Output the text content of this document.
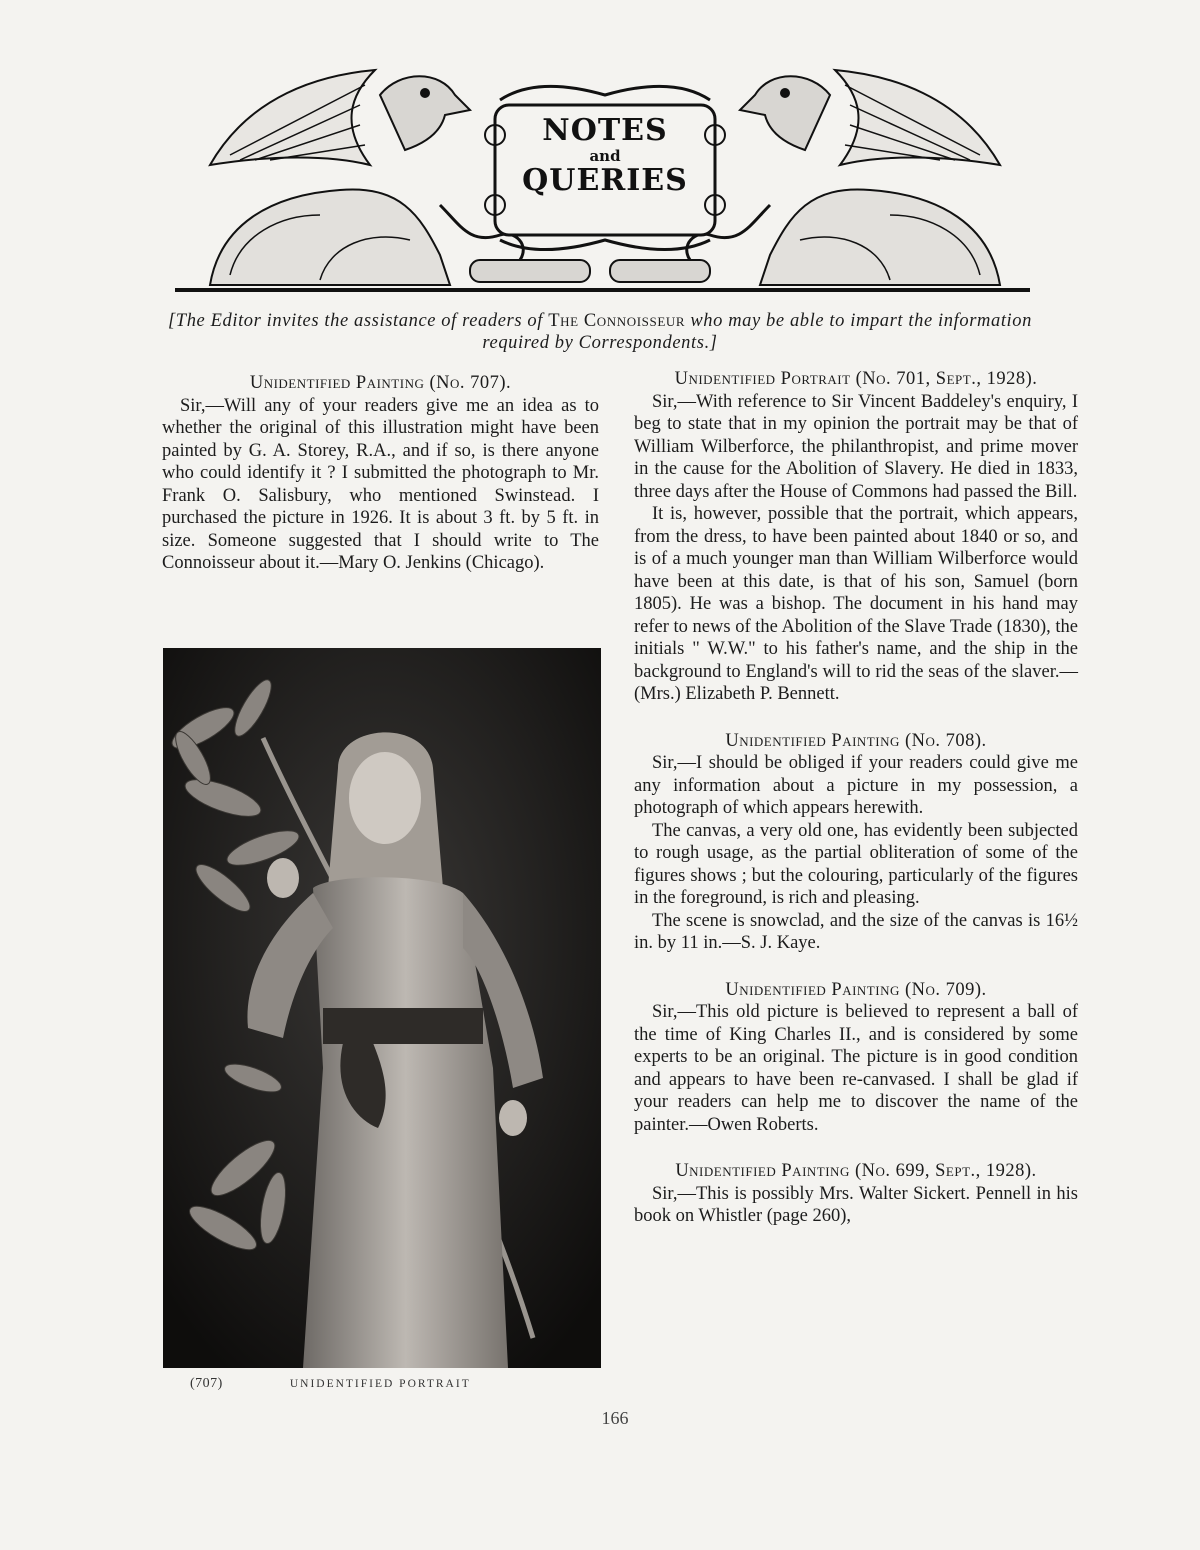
NOTES
and
QUERIES
[The Editor invites the assistance of readers of The Connoisseur who may be able to impart the information required by Correspondents.]
Unidentified Painting (No. 707).

Sir,—Will any of your readers give me an idea as to whether the original of this illustration might have been painted by G. A. Storey, R.A., and if so, is there anyone who could identify it ? I submitted the photograph to Mr. Frank O. Salisbury, who mentioned Swinstead. I purchased the picture in 1926. It is about 3 ft. by 5 ft. in size. Someone suggested that I should write to The Connoisseur about it.—Mary O. Jenkins (Chicago).

(707)	UNIDENTIFIED PORTRAIT
Unidentified Portrait (No. 701, Sept., 1928).

Sir,—With reference to Sir Vincent Baddeley's enquiry, I beg to state that in my opinion the portrait may be that of William Wilberforce, the philanthropist, and prime mover in the cause for the Abolition of Slavery. He died in 1833, three days after the House of Commons had passed the Bill.

It is, however, possible that the portrait, which appears, from the dress, to have been painted about 1840 or so, and is of a much younger man than William Wilberforce would have been at this date, is that of his son, Samuel (born 1805). He was a bishop. The document in his hand may refer to news of the Abolition of the Slave Trade (1830), the initials " W.W." to his father's name, and the ship in the background to England's will to rid the seas of the slaver.—(Mrs.) Elizabeth P. Bennett.

Unidentified Painting (No. 708).

Sir,—I should be obliged if your readers could give me any information about a picture in my possession, a photograph of which appears herewith.

The canvas, a very old one, has evidently been subjected to rough usage, as the partial obliteration of some of the figures shows ; but the colouring, particularly of the figures in the foreground, is rich and pleasing.

The scene is snowclad, and the size of the canvas is 16½ in. by 11 in.—S. J. Kaye.

Unidentified Painting (No. 709).

Sir,—This old picture is believed to represent a ball of the time of King Charles II., and is considered by some experts to be an original. The picture is in good condition and appears to have been re-canvased. I shall be glad if your readers can help me to discover the name of the painter.—Owen Roberts.

Unidentified Painting (No. 699, Sept., 1928).

Sir,—This is possibly Mrs. Walter Sickert. Pennell in his book on Whistler (page 260),

166
